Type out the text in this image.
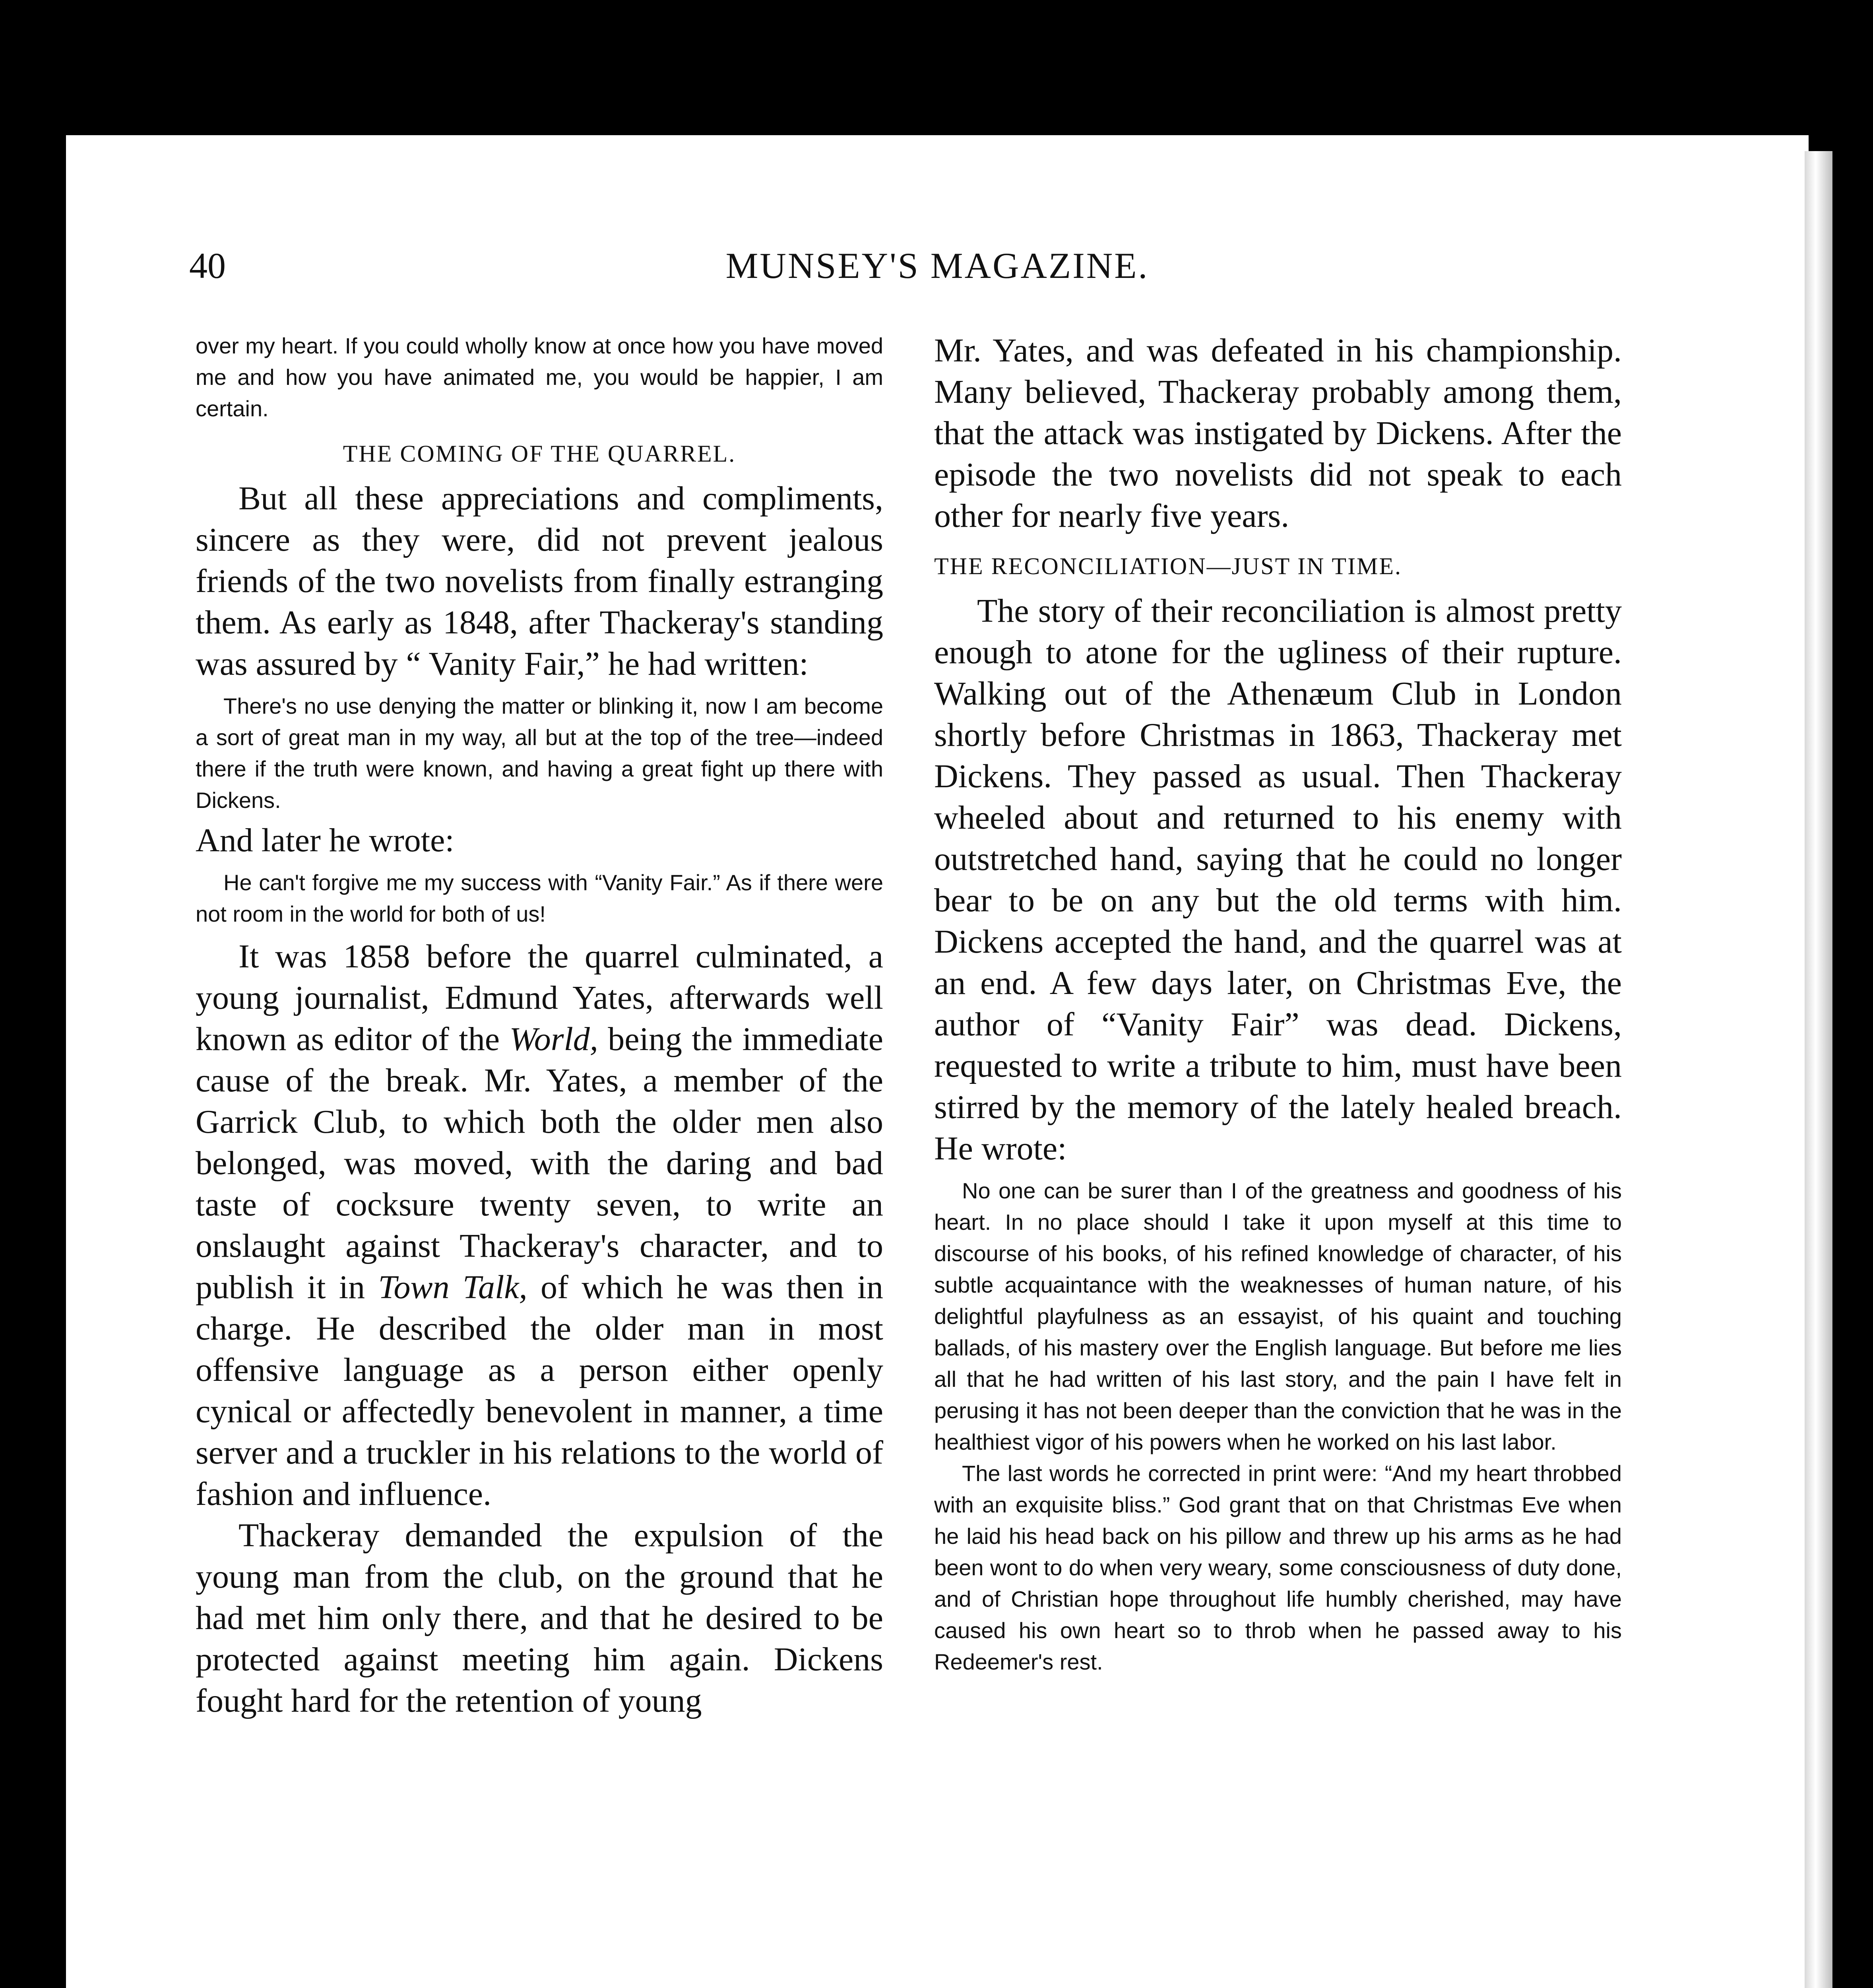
MUNSEY'S MAGAZINE.
40

over my heart. If you could wholly know at once how you have moved me and how you have animated me, you would be happier, I am certain.

THE COMING OF THE QUARREL.

But all these appreciations and compliments, sincere as they were, did not prevent jealous friends of the two novelists from finally estranging them. As early as 1848, after Thackeray's standing was assured by “ Vanity Fair,” he had written:

There's no use denying the matter or blinking it, now I am become a sort of great man in my way, all but at the top of the tree—indeed there if the truth were known, and having a great fight up there with Dickens.

And later he wrote:

He can't forgive me my success with “Vanity Fair.” As if there were not room in the world for both of us!

It was 1858 before the quarrel culminated, a young journalist, Edmund Yates, afterwards well known as editor of the World, being the immediate cause of the break. Mr. Yates, a member of the Garrick Club, to which both the older men also belonged, was moved, with the daring and bad taste of cocksure twenty seven, to write an onslaught against Thackeray's character, and to publish it in Town Talk, of which he was then in charge. He described the older man in most offensive language as a person either openly cynical or affectedly benevolent in manner, a time server and a truckler in his relations to the world of fashion and influence.

Thackeray demanded the expulsion of the young man from the club, on the ground that he had met him only there, and that he desired to be protected against meeting him again. Dickens fought hard for the retention of young

Mr. Yates, and was defeated in his championship. Many believed, Thackeray probably among them, that the attack was instigated by Dickens. After the episode the two novelists did not speak to each other for nearly five years.

THE RECONCILIATION—JUST IN TIME.

The story of their reconciliation is almost pretty enough to atone for the ugliness of their rupture. Walking out of the Athenæum Club in London shortly before Christmas in 1863, Thackeray met Dickens. They passed as usual. Then Thackeray wheeled about and returned to his enemy with outstretched hand, saying that he could no longer bear to be on any but the old terms with him. Dickens accepted the hand, and the quarrel was at an end. A few days later, on Christmas Eve, the author of “Vanity Fair” was dead. Dickens, requested to write a tribute to him, must have been stirred by the memory of the lately healed breach. He wrote:

No one can be surer than I of the greatness and goodness of his heart. In no place should I take it upon myself at this time to discourse of his books, of his refined knowledge of character, of his subtle acquaintance with the weaknesses of human nature, of his delightful playfulness as an essayist, of his quaint and touching ballads, of his mastery over the English language. But before me lies all that he had written of his last story, and the pain I have felt in perusing it has not been deeper than the conviction that he was in the healthiest vigor of his powers when he worked on his last labor.

The last words he corrected in print were: “And my heart throbbed with an exquisite bliss.” God grant that on that Christmas Eve when he laid his head back on his pillow and threw up his arms as he had been wont to do when very weary, some consciousness of duty done, and of Christian hope throughout life humbly cherished, may have caused his own heart so to throb when he passed away to his Redeemer's rest.
